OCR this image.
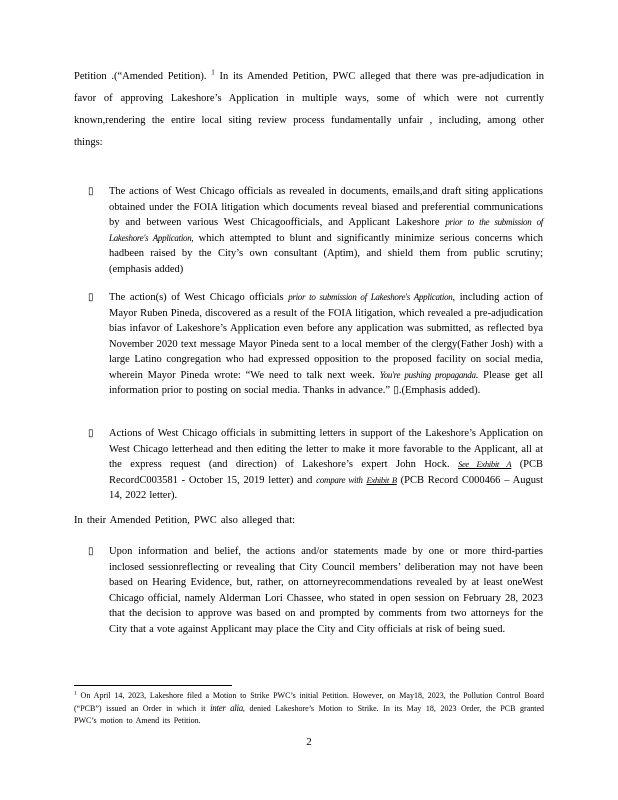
Petition .(“Amended Petition). $^1$ In its Amended Petition, PWC alleged that there was pre-adjudication in favor of approving Lakeshore’s Application in multiple ways, some of which were not currently known,rendering the entire local siting review process fundamentally unfair , including, among other things:

▯	The actions of West Chicago officials as revealed in documents, emails,and draft siting applications obtained under the FOIA litigation which documents reveal biased and preferential communications by and between various West Chicagoofficials, and Applicant Lakeshore prior to the submission of Lakeshore's Application, which attempted to blunt and significantly minimize serious concerns which hadbeen raised by the City’s own consultant (Aptim), and shield them from public scrutiny; (emphasis added)

▯	The action(s) of West Chicago officials prior to submission of Lakeshore's Application, including action of Mayor Ruben Pineda, discovered as a result of the FOIA litigation, which revealed a pre-adjudication bias infavor of Lakeshore’s Application even before any application was submitted, as reflected bya November 2020 text message Mayor Pineda sent to a local member of the clergy(Father Josh) with a large Latino congregation who had expressed opposition to the proposed facility on social media, wherein Mayor Pineda wrote: “We need to talk next week. You're pushing propaganda. Please get all information prior to posting on social media. Thanks in advance.” ▯.(Emphasis added).

▯	Actions of West Chicago officials in submitting letters in support of the Lakeshore’s Application on West Chicago letterhead and then editing the letter to make it more favorable to the Applicant, all at the express request (and direction) of Lakeshore’s expert John Hock. See Exhibit A (PCB RecordC003581 - October 15, 2019 letter) and compare with Exhibit B (PCB Record C000466 – August 14, 2022 letter).

In their Amended Petition, PWC also alleged that:

▯	Upon information and belief, the actions and/or statements made by one or more third-parties inclosed sessionreflecting or revealing that City Council members’ deliberation may not have been based on Hearing Evidence, but, rather, on attorneyrecommendations revealed by at least oneWest Chicago official, namely Alderman Lori Chassee, who stated in open session on February 28, 2023 that the decision to approve was based on and prompted by comments from two attorneys for the City that a vote against Applicant may place the City and City officials at risk of being sued.

$^1$ On April 14, 2023, Lakeshore filed a Motion to Strike PWC’s initial Petition. However, on May18, 2023, the Pollution Control Board (“PCB”) issued an Order in which it inter alia, denied Lakeshore’s Motion to Strike. In its May 18, 2023 Order, the PCB granted PWC’s motion to Amend its Petition.

2
